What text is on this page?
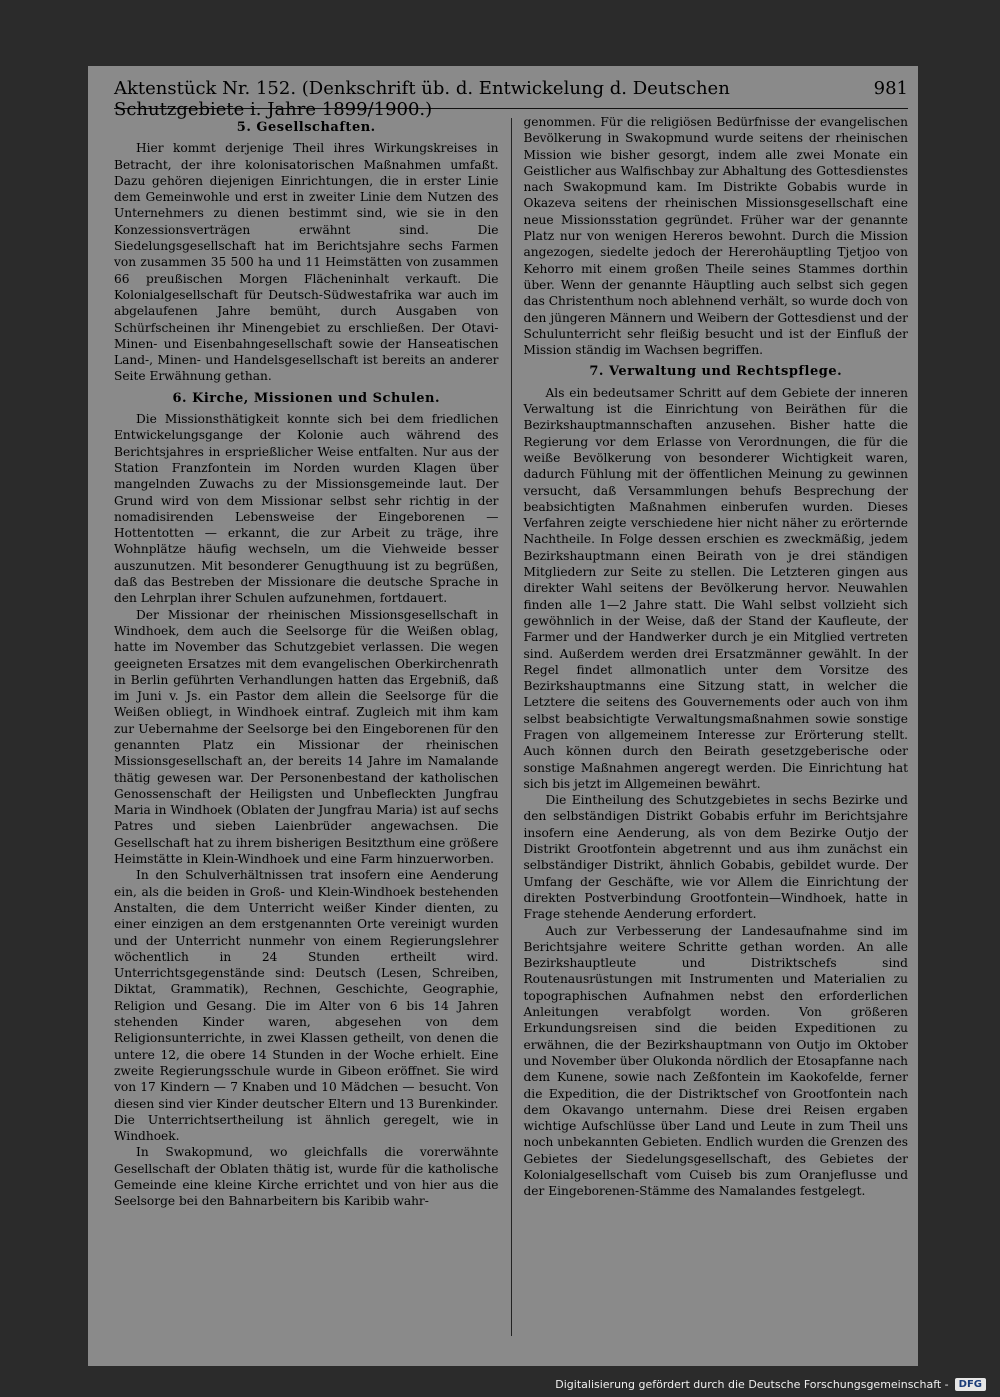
Aktenstück Nr. 152. (Denkschrift üb. d. Entwickelung d. Deutschen Schutzgebiete i. Jahre 1899/1900.)
981
5. Gesellschaften.

Hier kommt derjenige Theil ihres Wirkungskreises in Betracht, der ihre kolonisatorischen Maßnahmen umfaßt. Dazu gehören diejenigen Einrichtungen, die in erster Linie dem Gemeinwohle und erst in zweiter Linie dem Nutzen des Unternehmers zu dienen bestimmt sind, wie sie in den Konzessionsverträgen erwähnt sind. Die Siedelungsgesellschaft hat im Berichtsjahre sechs Farmen von zusammen 35 500 ha und 11 Heimstätten von zusammen 66 preußischen Morgen Flächeninhalt verkauft. Die Kolonialgesellschaft für Deutsch-Südwestafrika war auch im abgelaufenen Jahre bemüht, durch Ausgaben von Schürfscheinen ihr Minengebiet zu erschließen. Der Otavi-Minen- und Eisenbahngesellschaft sowie der Hanseatischen Land-, Minen- und Handelsgesellschaft ist bereits an anderer Seite Erwähnung gethan.

6. Kirche, Missionen und Schulen.

Die Missionsthätigkeit konnte sich bei dem friedlichen Entwickelungsgange der Kolonie auch während des Berichtsjahres in ersprießlicher Weise entfalten. Nur aus der Station Franzfontein im Norden wurden Klagen über mangelnden Zuwachs zu der Missionsgemeinde laut. Der Grund wird von dem Missionar selbst sehr richtig in der nomadisirenden Lebensweise der Eingeborenen — Hottentotten — erkannt, die zur Arbeit zu träge, ihre Wohnplätze häufig wechseln, um die Viehweide besser auszunutzen. Mit besonderer Genugthuung ist zu begrüßen, daß das Bestreben der Missionare die deutsche Sprache in den Lehrplan ihrer Schulen aufzunehmen, fortdauert.

Der Missionar der rheinischen Missionsgesellschaft in Windhoek, dem auch die Seelsorge für die Weißen oblag, hatte im November das Schutzgebiet verlassen. Die wegen geeigneten Ersatzes mit dem evangelischen Oberkirchenrath in Berlin geführten Verhandlungen hatten das Ergebniß, daß im Juni v. Js. ein Pastor dem allein die Seelsorge für die Weißen obliegt, in Windhoek eintraf. Zugleich mit ihm kam zur Uebernahme der Seelsorge bei den Eingeborenen für den genannten Platz ein Missionar der rheinischen Missionsgesellschaft an, der bereits 14 Jahre im Namalande thätig gewesen war. Der Personenbestand der katholischen Genossenschaft der Heiligsten und Unbefleckten Jungfrau Maria in Windhoek (Oblaten der Jungfrau Maria) ist auf sechs Patres und sieben Laienbrüder angewachsen. Die Gesellschaft hat zu ihrem bisherigen Besitzthum eine größere Heimstätte in Klein-Windhoek und eine Farm hinzuerworben.

In den Schulverhältnissen trat insofern eine Aenderung ein, als die beiden in Groß- und Klein-Windhoek bestehenden Anstalten, die dem Unterricht weißer Kinder dienten, zu einer einzigen an dem erstgenannten Orte vereinigt wurden und der Unterricht nunmehr von einem Regierungslehrer wöchentlich in 24 Stunden ertheilt wird. Unterrichtsgegenstände sind: Deutsch (Lesen, Schreiben, Diktat, Grammatik), Rechnen, Geschichte, Geographie, Religion und Gesang. Die im Alter von 6 bis 14 Jahren stehenden Kinder waren, abgesehen von dem Religionsunterrichte, in zwei Klassen getheilt, von denen die untere 12, die obere 14 Stunden in der Woche erhielt. Eine zweite Regierungsschule wurde in Gibeon eröffnet. Sie wird von 17 Kindern — 7 Knaben und 10 Mädchen — besucht. Von diesen sind vier Kinder deutscher Eltern und 13 Burenkinder. Die Unterrichtsertheilung ist ähnlich geregelt, wie in Windhoek.

In Swakopmund, wo gleichfalls die vorerwähnte Gesellschaft der Oblaten thätig ist, wurde für die katholische Gemeinde eine kleine Kirche errichtet und von hier aus die Seelsorge bei den Bahnarbeitern bis Karibib wahr-

genommen. Für die religiösen Bedürfnisse der evangelischen Bevölkerung in Swakopmund wurde seitens der rheinischen Mission wie bisher gesorgt, indem alle zwei Monate ein Geistlicher aus Walfischbay zur Abhaltung des Gottesdienstes nach Swakopmund kam. Im Distrikte Gobabis wurde in Okazeva seitens der rheinischen Missionsgesellschaft eine neue Missionsstation gegründet. Früher war der genannte Platz nur von wenigen Hereros bewohnt. Durch die Mission angezogen, siedelte jedoch der Hererohäuptling Tjetjoo von Kehorro mit einem großen Theile seines Stammes dorthin über. Wenn der genannte Häuptling auch selbst sich gegen das Christenthum noch ablehnend verhält, so wurde doch von den jüngeren Männern und Weibern der Gottesdienst und der Schulunterricht sehr fleißig besucht und ist der Einfluß der Mission ständig im Wachsen begriffen.

7. Verwaltung und Rechtspflege.

Als ein bedeutsamer Schritt auf dem Gebiete der inneren Verwaltung ist die Einrichtung von Beiräthen für die Bezirkshauptmannschaften anzusehen. Bisher hatte die Regierung vor dem Erlasse von Verordnungen, die für die weiße Bevölkerung von besonderer Wichtigkeit waren, dadurch Fühlung mit der öffentlichen Meinung zu gewinnen versucht, daß Versammlungen behufs Besprechung der beabsichtigten Maßnahmen einberufen wurden. Dieses Verfahren zeigte verschiedene hier nicht näher zu erörternde Nachtheile. In Folge dessen erschien es zweckmäßig, jedem Bezirkshauptmann einen Beirath von je drei ständigen Mitgliedern zur Seite zu stellen. Die Letzteren gingen aus direkter Wahl seitens der Bevölkerung hervor. Neuwahlen finden alle 1—2 Jahre statt. Die Wahl selbst vollzieht sich gewöhnlich in der Weise, daß der Stand der Kaufleute, der Farmer und der Handwerker durch je ein Mitglied vertreten sind. Außerdem werden drei Ersatzmänner gewählt. In der Regel findet allmonatlich unter dem Vorsitze des Bezirkshauptmanns eine Sitzung statt, in welcher die Letztere die seitens des Gouvernements oder auch von ihm selbst beabsichtigte Verwaltungsmaßnahmen sowie sonstige Fragen von allgemeinem Interesse zur Erörterung stellt. Auch können durch den Beirath gesetzgeberische oder sonstige Maßnahmen angeregt werden. Die Einrichtung hat sich bis jetzt im Allgemeinen bewährt.

Die Eintheilung des Schutzgebietes in sechs Bezirke und den selbständigen Distrikt Gobabis erfuhr im Berichtsjahre insofern eine Aenderung, als von dem Bezirke Outjo der Distrikt Grootfontein abgetrennt und aus ihm zunächst ein selbständiger Distrikt, ähnlich Gobabis, gebildet wurde. Der Umfang der Geschäfte, wie vor Allem die Einrichtung der direkten Postverbindung Grootfontein—Windhoek, hatte in Frage stehende Aenderung erfordert.

Auch zur Verbesserung der Landesaufnahme sind im Berichtsjahre weitere Schritte gethan worden. An alle Bezirkshauptleute und Distriktschefs sind Routenausrüstungen mit Instrumenten und Materialien zu topographischen Aufnahmen nebst den erforderlichen Anleitungen verabfolgt worden. Von größeren Erkundungsreisen sind die beiden Expeditionen zu erwähnen, die der Bezirkshauptmann von Outjo im Oktober und November über Olukonda nördlich der Etosapfanne nach dem Kunene, sowie nach Zeßfontein im Kaokofelde, ferner die Expedition, die der Distriktschef von Grootfontein nach dem Okavango unternahm. Diese drei Reisen ergaben wichtige Aufschlüsse über Land und Leute in zum Theil uns noch unbekannten Gebieten. Endlich wurden die Grenzen des Gebietes der Siedelungsgesellschaft, des Gebietes der Kolonialgesellschaft vom Cuiseb bis zum Oranjeflusse und der Eingeborenen-Stämme des Namalandes festgelegt.

Digitalisierung gefördert durch die Deutsche Forschungsgemeinschaft -	DFG
